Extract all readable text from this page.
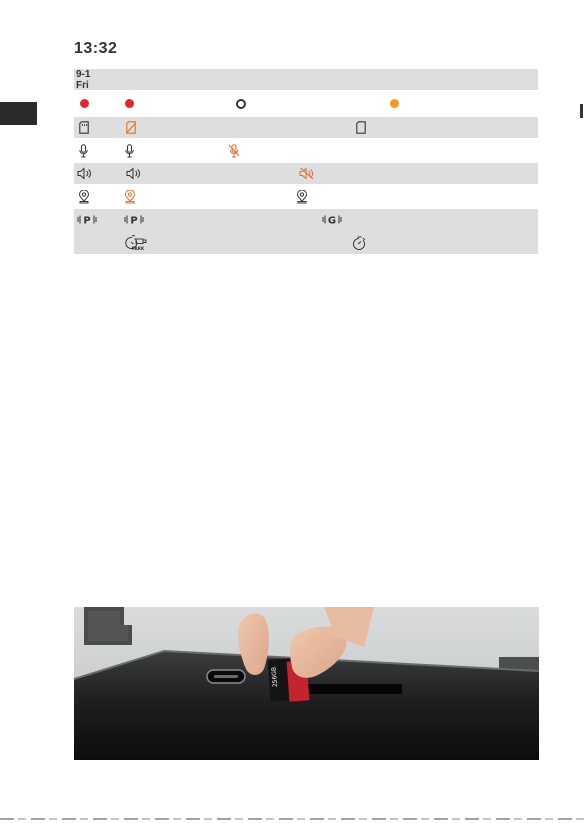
13:32
9-1
Fri
P	P	G
PARK
256GB
